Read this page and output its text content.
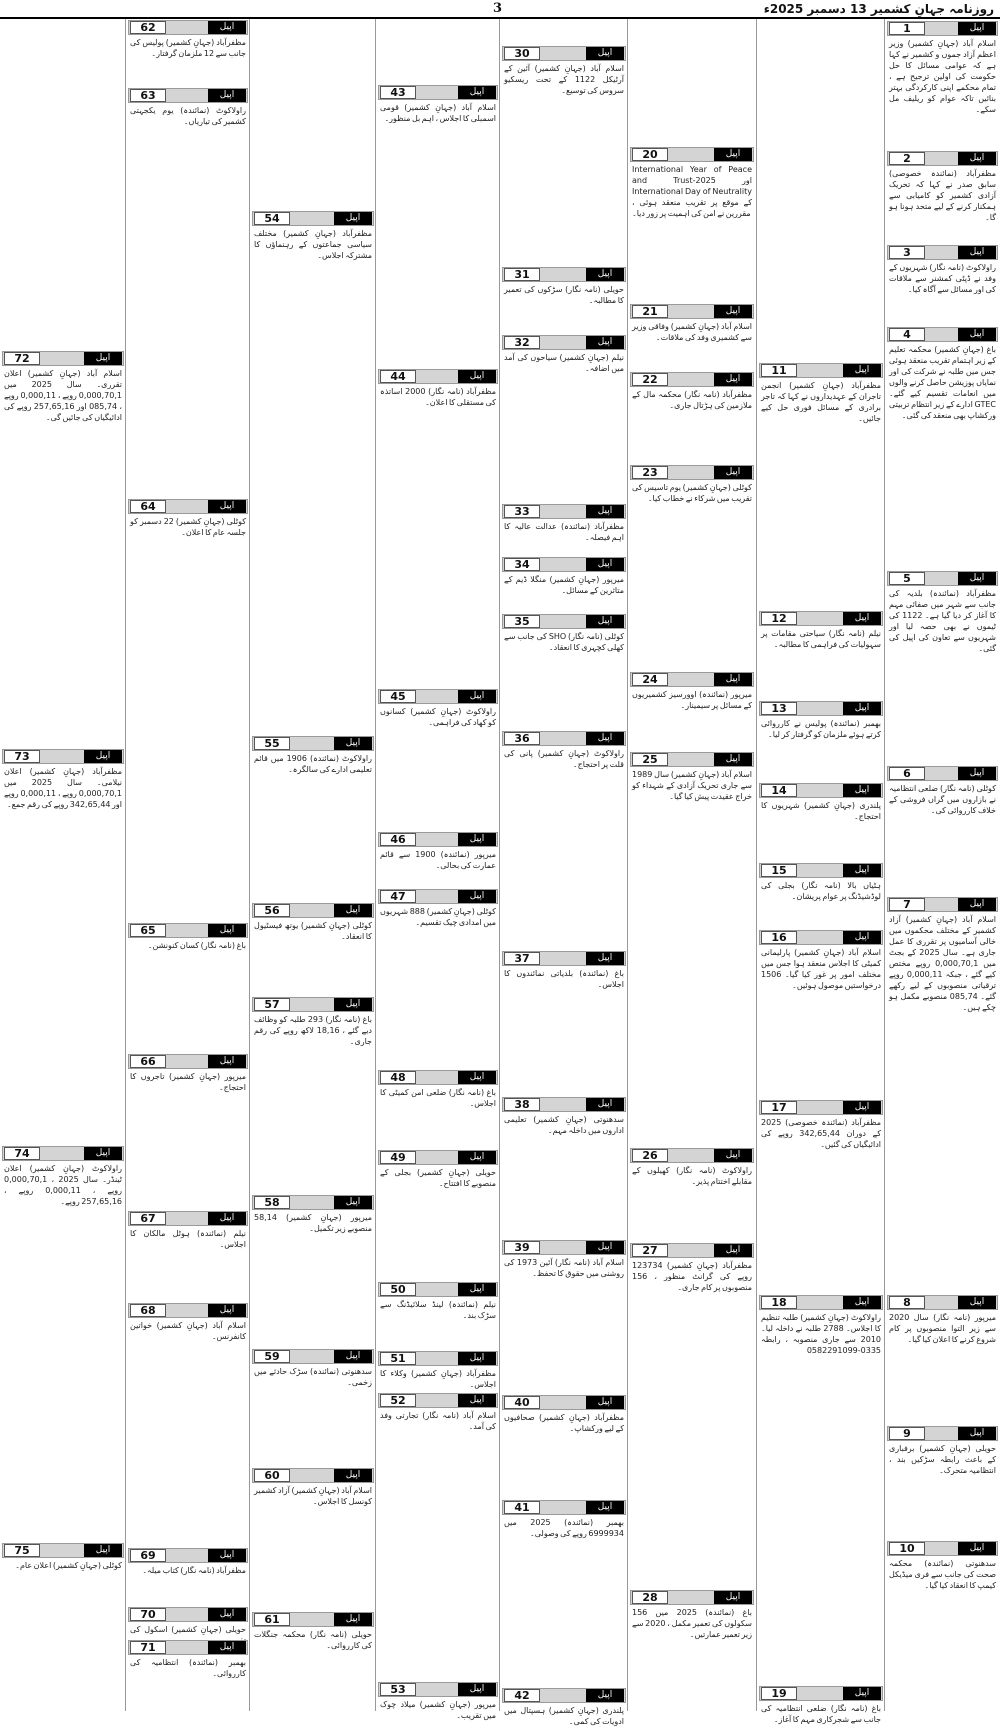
روزنامہ جہانِ کشمیر 13 دسمبر 2025ء
3
1	اپیل
اسلام آباد (جہانِ کشمیر) وزیر اعظم آزاد جموں و کشمیر نے کہا ہے کہ عوامی مسائل کا حل حکومت کی اولین ترجیح ہے ، تمام محکمے اپنی کارکردگی بہتر بنائیں تاکہ عوام کو ریلیف مل سکے۔
2	اپیل
مظفرآباد (نمائندہ خصوصی) سابق صدر نے کہا کہ تحریک آزادی کشمیر کو کامیابی سے ہمکنار کرنے کے لیے متحد ہونا ہو گا۔
3	اپیل
راولاکوٹ (نامہ نگار) شہریوں کے وفد نے ڈپٹی کمشنر سے ملاقات کی اور مسائل سے آگاہ کیا۔
4	اپیل
باغ (جہانِ کشمیر) محکمہ تعلیم کے زیر اہتمام تقریب منعقد ہوئی جس میں طلبہ نے شرکت کی اور نمایاں پوزیشن حاصل کرنے والوں میں انعامات تقسیم کیے گئے۔ GTEC ادارے کے زیر انتظام تربیتی ورکشاپ بھی منعقد کی گئی۔
5	اپیل
مظفرآباد (نمائندہ) بلدیہ کی جانب سے شہر میں صفائی مہم کا آغاز کر دیا گیا ہے۔ 1122 کی ٹیموں نے بھی حصہ لیا اور شہریوں سے تعاون کی اپیل کی گئی۔
6	اپیل
کوٹلی (نامہ نگار) ضلعی انتظامیہ نے بازاروں میں گراں فروشی کے خلاف کارروائی کی۔
7	اپیل
اسلام آباد (جہانِ کشمیر) آزاد کشمیر کے مختلف محکموں میں خالی آسامیوں پر تقرری کا عمل جاری ہے۔ سال 2025 کے بجٹ میں 0,000,70,1 روپے مختص کیے گئے ، جبکہ 0,000,11 روپے ترقیاتی منصوبوں کے لیے رکھے گئے۔ 085,74 منصوبے مکمل ہو چکے ہیں۔
8	اپیل
میرپور (نامہ نگار) سال 2020 سے زیر التوا منصوبوں پر کام شروع کرنے کا اعلان کیا گیا۔
9	اپیل
حویلی (جہانِ کشمیر) برفباری کے باعث رابطہ سڑکیں بند ، انتظامیہ متحرک۔
10	اپیل
سدھنوتی (نمائندہ) محکمہ صحت کی جانب سے فری میڈیکل کیمپ کا انعقاد کیا گیا۔
11	اپیل
مظفرآباد (جہانِ کشمیر) انجمن تاجران کے عہدیداروں نے کہا کہ تاجر برادری کے مسائل فوری حل کیے جائیں۔
12	اپیل
نیلم (نامہ نگار) سیاحتی مقامات پر سہولیات کی فراہمی کا مطالبہ۔
13	اپیل
بھمبر (نمائندہ) پولیس نے کارروائی کرتے ہوئے ملزمان کو گرفتار کر لیا۔
14	اپیل
پلندری (جہانِ کشمیر) شہریوں کا احتجاج۔
15	اپیل
ہٹیاں بالا (نامہ نگار) بجلی کی لوڈشیڈنگ پر عوام پریشان۔
16	اپیل
اسلام آباد (جہانِ کشمیر) پارلیمانی کمیٹی کا اجلاس منعقد ہوا جس میں مختلف امور پر غور کیا گیا۔ 1506 درخواستیں موصول ہوئیں۔
17	اپیل
مظفرآباد (نمائندہ خصوصی) 2025 کے دوران 342,65,44 روپے کی ادائیگیاں کی گئیں۔
18	اپیل
راولاکوٹ (جہانِ کشمیر) طلبہ تنظیم کا اجلاس۔ 2788 طلبہ نے داخلہ لیا۔ 2010 سے جاری منصوبہ ، رابطہ 0335-0582291099
19	اپیل
باغ (نامہ نگار) ضلعی انتظامیہ کی جانب سے شجرکاری مہم کا آغاز۔
20	اپیل
International Year of Peace and Trust-2025 اور International Day of Neutrality کے موقع پر تقریب منعقد ہوئی ، مقررین نے امن کی اہمیت پر زور دیا۔
21	اپیل
اسلام آباد (جہانِ کشمیر) وفاقی وزیر سے کشمیری وفد کی ملاقات۔
22	اپیل
مظفرآباد (نامہ نگار) محکمہ مال کے ملازمین کی ہڑتال جاری۔
23	اپیل
کوٹلی (جہانِ کشمیر) یوم تاسیس کی تقریب میں شرکاء نے خطاب کیا۔
24	اپیل
میرپور (نمائندہ) اوورسیز کشمیریوں کے مسائل پر سیمینار۔
25	اپیل
اسلام آباد (جہانِ کشمیر) سال 1989 سے جاری تحریک آزادی کے شہداء کو خراج عقیدت پیش کیا گیا۔
26	اپیل
راولاکوٹ (نامہ نگار) کھیلوں کے مقابلے اختتام پذیر۔
27	اپیل
مظفرآباد (جہانِ کشمیر) 123734 روپے کی گرانٹ منظور ، 156 منصوبوں پر کام جاری۔
28	اپیل
باغ (نمائندہ) 2025 میں 156 سکولوں کی تعمیر مکمل ، 2020 سے زیر تعمیر عمارتیں۔
30	اپیل
اسلام آباد (جہانِ کشمیر) آئین کے آرٹیکل 1122 کے تحت ریسکیو سروس کی توسیع۔
31	اپیل
حویلی (نامہ نگار) سڑکوں کی تعمیر کا مطالبہ۔
32	اپیل
نیلم (جہانِ کشمیر) سیاحوں کی آمد میں اضافہ۔
33	اپیل
مظفرآباد (نمائندہ) عدالت عالیہ کا اہم فیصلہ۔
34	اپیل
میرپور (جہانِ کشمیر) منگلا ڈیم کے متاثرین کے مسائل۔
35	اپیل
کوٹلی (نامہ نگار) SHO کی جانب سے کھلی کچہری کا انعقاد۔
36	اپیل
راولاکوٹ (جہانِ کشمیر) پانی کی قلت پر احتجاج۔
37	اپیل
باغ (نمائندہ) بلدیاتی نمائندوں کا اجلاس۔
38	اپیل
سدھنوتی (جہانِ کشمیر) تعلیمی اداروں میں داخلہ مہم۔
39	اپیل
اسلام آباد (نامہ نگار) آئین 1973 کی روشنی میں حقوق کا تحفظ۔
40	اپیل
مظفرآباد (جہانِ کشمیر) صحافیوں کے لیے ورکشاپ۔
41	اپیل
بھمبر (نمائندہ) 2025 میں 6999934 روپے کی وصولی۔
42	اپیل
پلندری (جہانِ کشمیر) ہسپتال میں ادویات کی کمی۔
43	اپیل
اسلام آباد (جہانِ کشمیر) قومی اسمبلی کا اجلاس ، اہم بل منظور۔
44	اپیل
مظفرآباد (نامہ نگار) 2000 اساتذہ کی مستقلی کا اعلان۔
45	اپیل
راولاکوٹ (جہانِ کشمیر) کسانوں کو کھاد کی فراہمی۔
46	اپیل
میرپور (نمائندہ) 1900 سے قائم عمارت کی بحالی۔
47	اپیل
کوٹلی (جہانِ کشمیر) 888 شہریوں میں امدادی چیک تقسیم۔
48	اپیل
باغ (نامہ نگار) ضلعی امن کمیٹی کا اجلاس۔
49	اپیل
حویلی (جہانِ کشمیر) بجلی کے منصوبے کا افتتاح۔
50	اپیل
نیلم (نمائندہ) لینڈ سلائیڈنگ سے سڑک بند۔
51	اپیل
مظفرآباد (جہانِ کشمیر) وکلاء کا اجلاس۔
52	اپیل
اسلام آباد (نامہ نگار) تجارتی وفد کی آمد۔
53	اپیل
میرپور (جہانِ کشمیر) میلاد چوک میں تقریب۔
54	اپیل
مظفرآباد (جہانِ کشمیر) مختلف سیاسی جماعتوں کے رہنماؤں کا مشترکہ اجلاس۔
55	اپیل
راولاکوٹ (نمائندہ) 1906 میں قائم تعلیمی ادارے کی سالگرہ۔
56	اپیل
کوٹلی (جہانِ کشمیر) یوتھ فیسٹیول کا انعقاد۔
57	اپیل
باغ (نامہ نگار) 293 طلبہ کو وظائف دیے گئے ، 18,16 لاکھ روپے کی رقم جاری۔
58	اپیل
میرپور (جہانِ کشمیر) 58,14 منصوبے زیر تکمیل۔
59	اپیل
سدھنوتی (نمائندہ) سڑک حادثے میں زخمی۔
60	اپیل
اسلام آباد (جہانِ کشمیر) آزاد کشمیر کونسل کا اجلاس۔
61	اپیل
حویلی (نامہ نگار) محکمہ جنگلات کی کارروائی۔
62	اپیل
مظفرآباد (جہانِ کشمیر) پولیس کی جانب سے 12 ملزمان گرفتار۔
63	اپیل
راولاکوٹ (نمائندہ) یوم یکجہتی کشمیر کی تیاریاں۔
64	اپیل
کوٹلی (جہانِ کشمیر) 22 دسمبر کو جلسہ عام کا اعلان۔
65	اپیل
باغ (نامہ نگار) کسان کنونشن۔
66	اپیل
میرپور (جہانِ کشمیر) تاجروں کا احتجاج۔
67	اپیل
نیلم (نمائندہ) ہوٹل مالکان کا اجلاس۔
68	اپیل
اسلام آباد (جہانِ کشمیر) خواتین کانفرنس۔
69	اپیل
مظفرآباد (نامہ نگار) کتاب میلہ۔
70	اپیل
حویلی (جہانِ کشمیر) اسکول کی
71	اپیل
بھمبر (نمائندہ) انتظامیہ کی کارروائی۔
72	اپیل
اسلام آباد (جہانِ کشمیر) اعلان تقرری۔ سال 2025 میں 0,000,70,1 روپے ، 0,000,11 روپے ، 085,74 اور 257,65,16 روپے کی ادائیگیاں کی جائیں گی۔
73	اپیل
مظفرآباد (جہانِ کشمیر) اعلان نیلامی۔ سال 2025 میں 0,000,70,1 روپے ، 0,000,11 روپے اور 342,65,44 روپے کی رقم جمع۔
74	اپیل
راولاکوٹ (جہانِ کشمیر) اعلان ٹینڈر۔ سال 2025 ، 0,000,70,1 روپے ، 0,000,11 روپے ، 257,65,16 روپے۔
75	اپیل
کوٹلی (جہانِ کشمیر) اعلان عام۔
